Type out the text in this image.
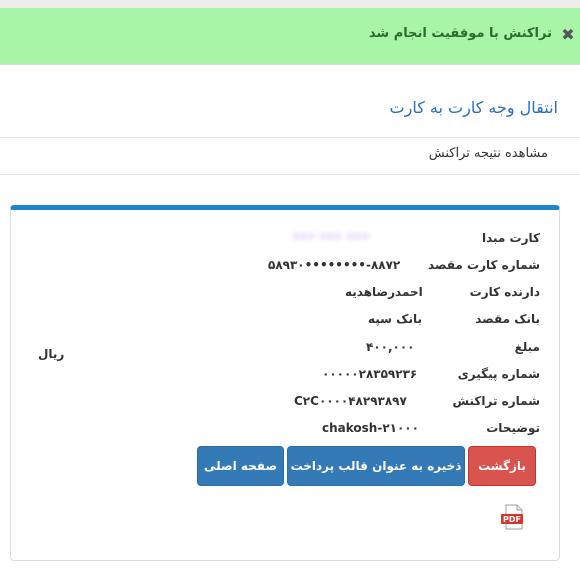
✖
تراکنش با موفقیت انجام شد
انتقال وجه کارت به کارت
مشاهده نتیجه تراکنش
کارت مبدا
شماره کارت مقصد
دارنده کارت
بانک مقصد
مبلغ
شماره پیگیری
شماره تراکنش
توضیحات
••• ••• •••
۵۸۹۳۰••••••••-۸۸۷۲
احمدرضاهدیه
بانک سپه
۴۰۰,۰۰۰
ریال
۰۰۰۰۰۲۸۳۵۹۲۳۶
C۲C۰۰۰۰۴۸۲۹۳۸۹۷
chakosh-۲۱۰۰۰
بازگشت
ذخیره به عنوان قالب پرداخت
صفحه اصلی
PDF
